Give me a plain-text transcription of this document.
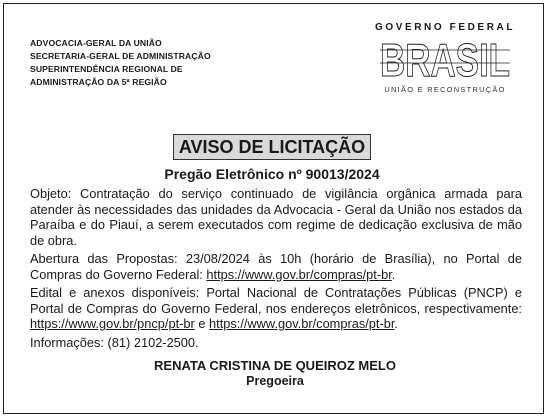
ADVOCACIA-GERAL DA UNIÃO
SECRETARIA-GERAL DE ADMINISTRAÇÃO
SUPERINTENDÊNCIA REGIONAL DE
ADMINISTRAÇÃO DA 5ª REGIÃO
GOVERNO FEDERAL
BRASIL
UNIÃO E RECONSTRUÇÃO
AVISO DE LICITAÇÃO
Pregão Eletrônico nº 90013/2024

Objeto: Contratação do serviço continuado de vigilância orgânica armada para atender às necessidades das unidades da Advocacia - Geral da União nos estados da Paraíba e do Piauí, a serem executados com regime de dedicação exclusiva de mão de obra.

Abertura das Propostas: 23/08/2024 às 10h (horário de Brasília), no Portal de Compras do Governo Federal: https://www.gov.br/compras/pt-br.

Edital e anexos disponíveis: Portal Nacional de Contratações Públicas (PNCP) e Portal de Compras do Governo Federal, nos endereços eletrônicos, respectivamente: https://www.gov.br/pncp/pt-br e https://www.gov.br/compras/pt-br.

Informações: (81) 2102-2500.

RENATA CRISTINA DE QUEIROZ MELO
Pregoeira
